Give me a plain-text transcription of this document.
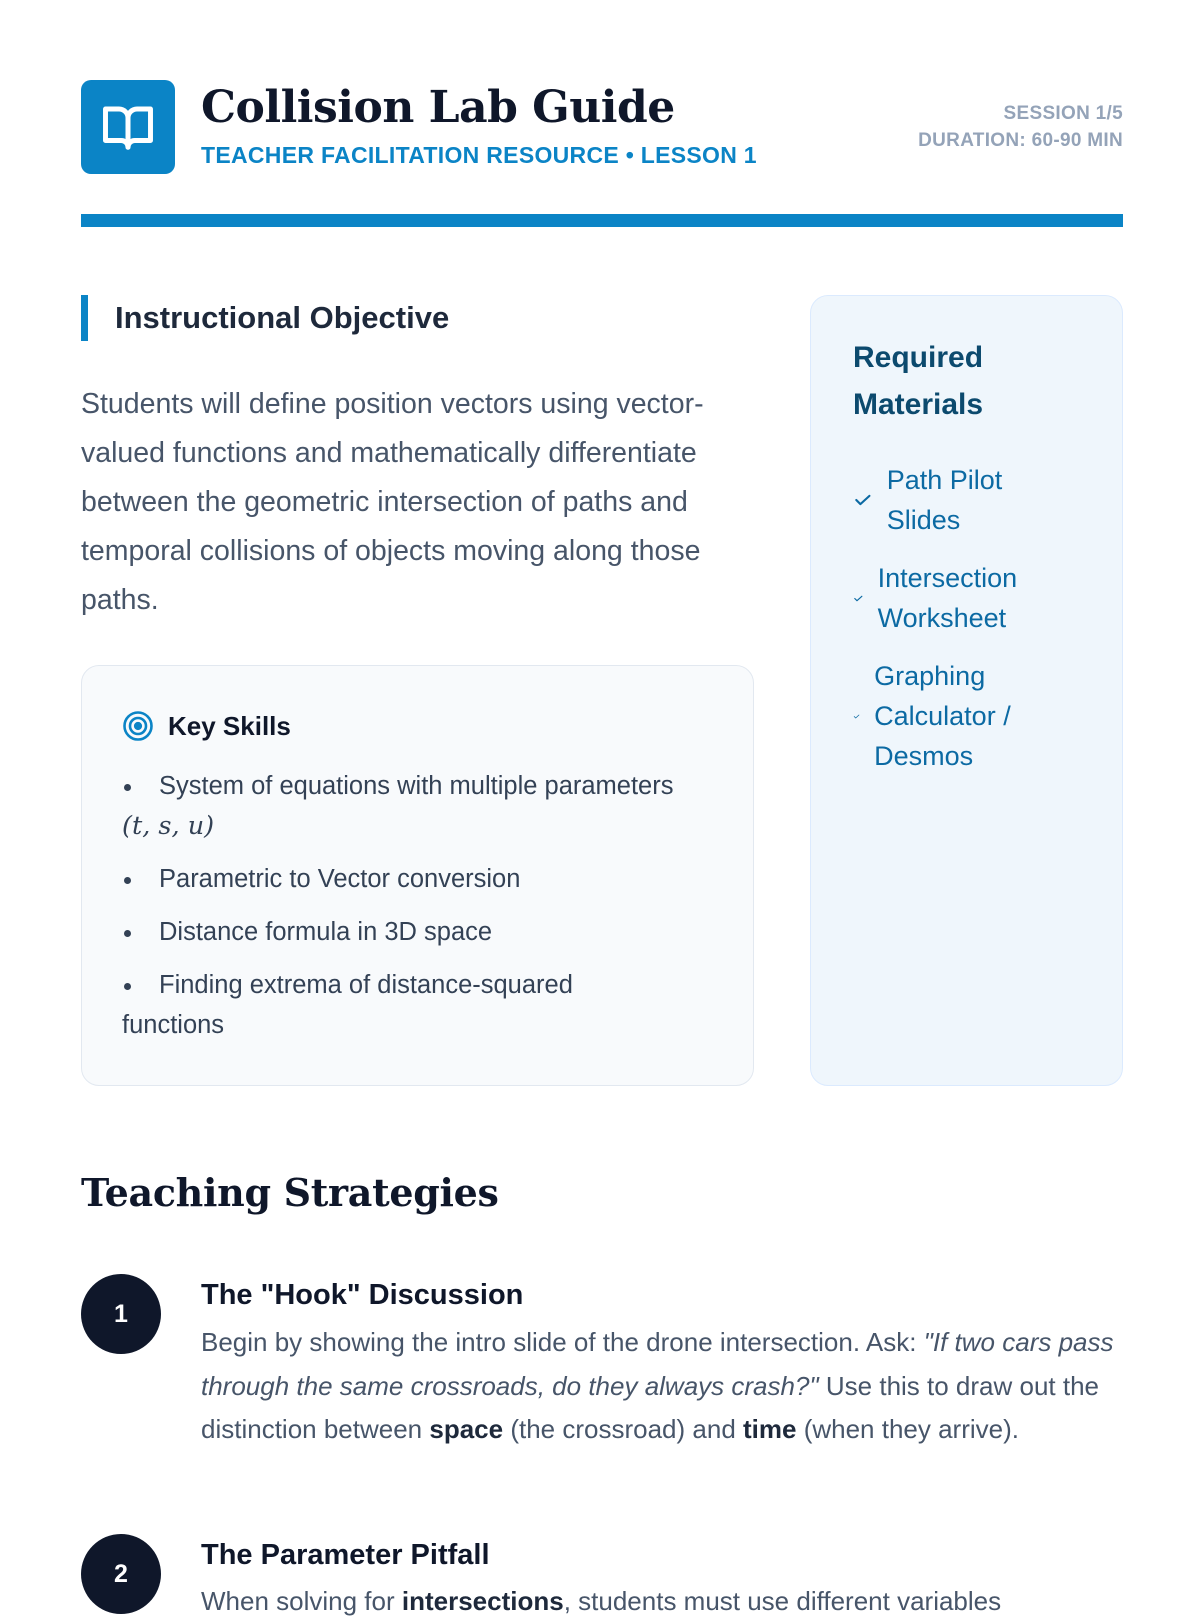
Collision Lab Guide
TEACHER FACILITATION RESOURCE • LESSON 1
SESSION 1/5
DURATION: 60-90 MIN
Instructional Objective
Students will define position vectors using vector-valued functions and mathematically differentiate between the geometric intersection of paths and temporal collisions of objects moving along those paths.
Key Skills
System of equations with multiple parameters (t, s, u)
Parametric to Vector conversion
Distance formula in 3D space
Finding extrema of distance-squared functions
Required Materials
Path Pilot Slides
Intersection Worksheet
Graphing Calculator / Desmos
Teaching Strategies
1
The "Hook" Discussion
Begin by showing the intro slide of the drone intersection. Ask: "If two cars pass through the same crossroads, do they always crash?" Use this to draw out the distinction between space (the crossroad) and time (when they arrive).
2
The Parameter Pitfall
When solving for intersections, students must use different variables
